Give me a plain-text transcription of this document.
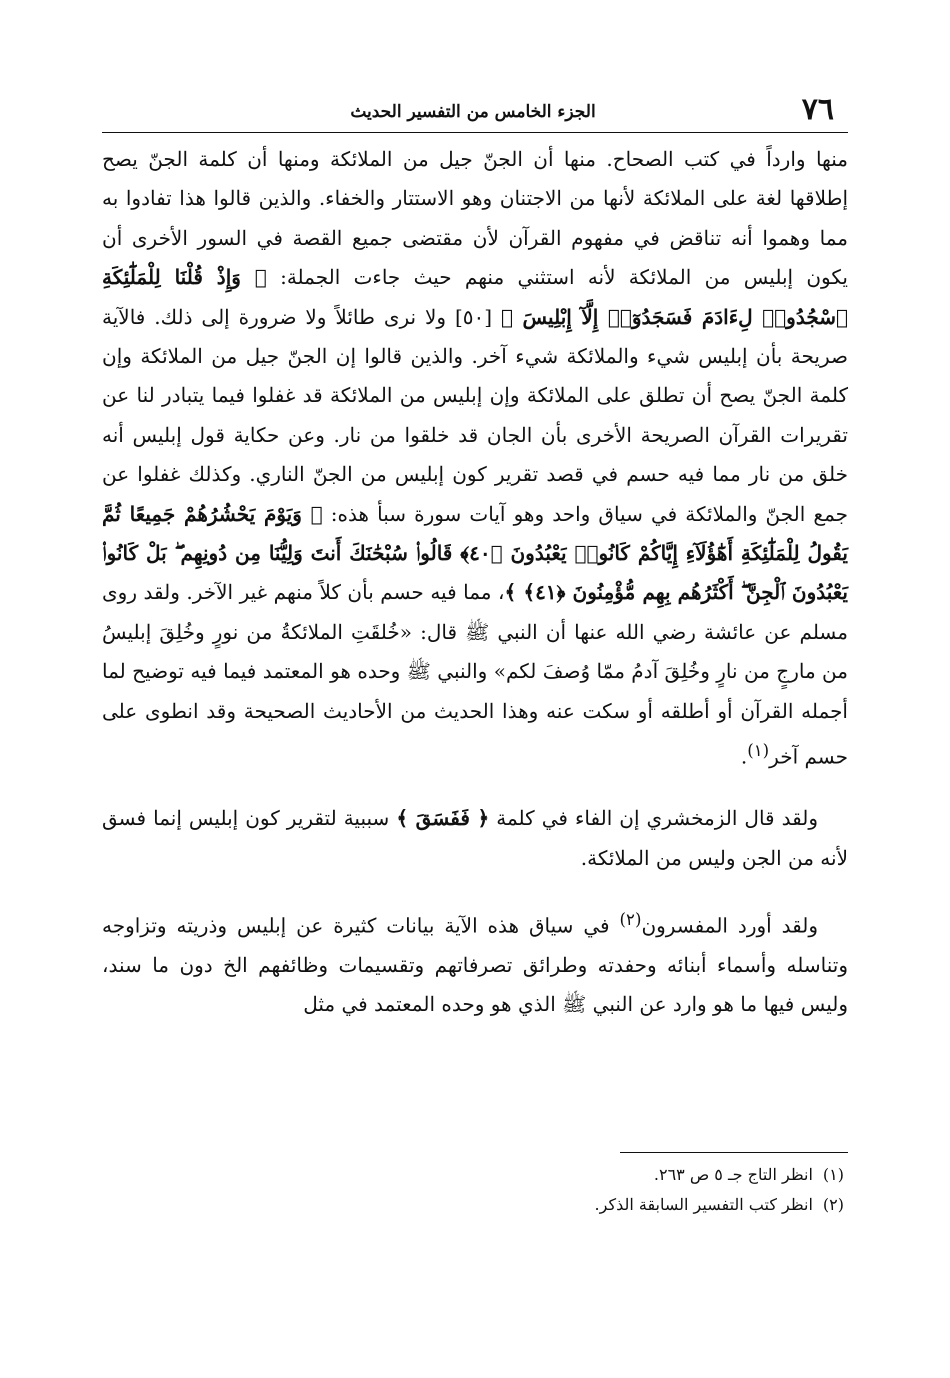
٧٦
الجزء الخامس من التفسير الحديث

منها وارداً في كتب الصحاح. منها أن الجنّ جيل من الملائكة ومنها أن كلمة الجنّ يصح إطلاقها لغة على الملائكة لأنها من الاجتنان وهو الاستتار والخفاء. والذين قالوا هذا تفادوا به مما وهموا أنه تناقض في مفهوم القرآن لأن مقتضى جميع القصة في السور الأخرى أن يكون إبليس من الملائكة لأنه استثني منهم حيث جاءت الجملة: ﴿ وَإِذْ قُلْنَا لِلْمَلَٰٓئِكَةِ ٱسْجُدُوا۟ لِءَادَمَ فَسَجَدُوٓا۟ إِلَّآ إِبْلِيسَ ﴾ [٥٠] ولا نرى طائلاً ولا ضرورة إلى ذلك. فالآية صريحة بأن إبليس شيء والملائكة شيء آخر. والذين قالوا إن الجنّ جيل من الملائكة وإن كلمة الجنّ يصح أن تطلق على الملائكة وإن إبليس من الملائكة قد غفلوا فيما يتبادر لنا عن تقريرات القرآن الصريحة الأخرى بأن الجان قد خلقوا من نار. وعن حكاية قول إبليس أنه خلق من نار مما فيه حسم في قصد تقرير كون إبليس من الجنّ الناري. وكذلك غفلوا عن جمع الجنّ والملائكة في سياق واحد وهو آيات سورة سبأ هذه: ﴿ وَيَوْمَ يَحْشُرُهُمْ جَمِيعًا ثُمَّ يَقُولُ لِلْمَلَٰٓئِكَةِ أَهَٰٓؤُلَآءِ إِيَّاكُمْ كَانُوا۟ يَعْبُدُونَ ﴿٤٠﴾ قَالُوا۟ سُبْحَٰنَكَ أَنتَ وَلِيُّنَا مِن دُونِهِم ۖ بَلْ كَانُوا۟ يَعْبُدُونَ ٱلْجِنَّ ۖ أَكْثَرُهُم بِهِم مُّؤْمِنُونَ ﴿٤١﴾ ﴾، مما فيه حسم بأن كلاً منهم غير الآخر. ولقد روى مسلم عن عائشة رضي الله عنها أن النبي ﷺ قال: «خُلقَتِ الملائكةُ من نورٍ وخُلِقَ إبليسُ من مارجٍ من نارٍ وخُلِقَ آدمُ ممّا وُصفَ لكم» والنبي ﷺ وحده هو المعتمد فيما فيه توضيح لما أجمله القرآن أو أطلقه أو سكت عنه وهذا الحديث من الأحاديث الصحيحة وقد انطوى على حسم آخر$^{(١)}$.

ولقد قال الزمخشري إن الفاء في كلمة ﴿ فَفَسَقَ ﴾ سببية لتقرير كون إبليس إنما فسق لأنه من الجن وليس من الملائكة.

ولقد أورد المفسرون$^{(٢)}$ في سياق هذه الآية بيانات كثيرة عن إبليس وذريته وتزاوجه وتناسله وأسماء أبنائه وحفدته وطرائق تصرفاتهم وتقسيمات وظائفهم الخ دون ما سند، وليس فيها ما هو وارد عن النبي ﷺ الذي هو وحده المعتمد في مثل

(١)انظر التاج جـ ٥ ص ٢٦٣.

(٢)انظر كتب التفسير السابقة الذكر.
